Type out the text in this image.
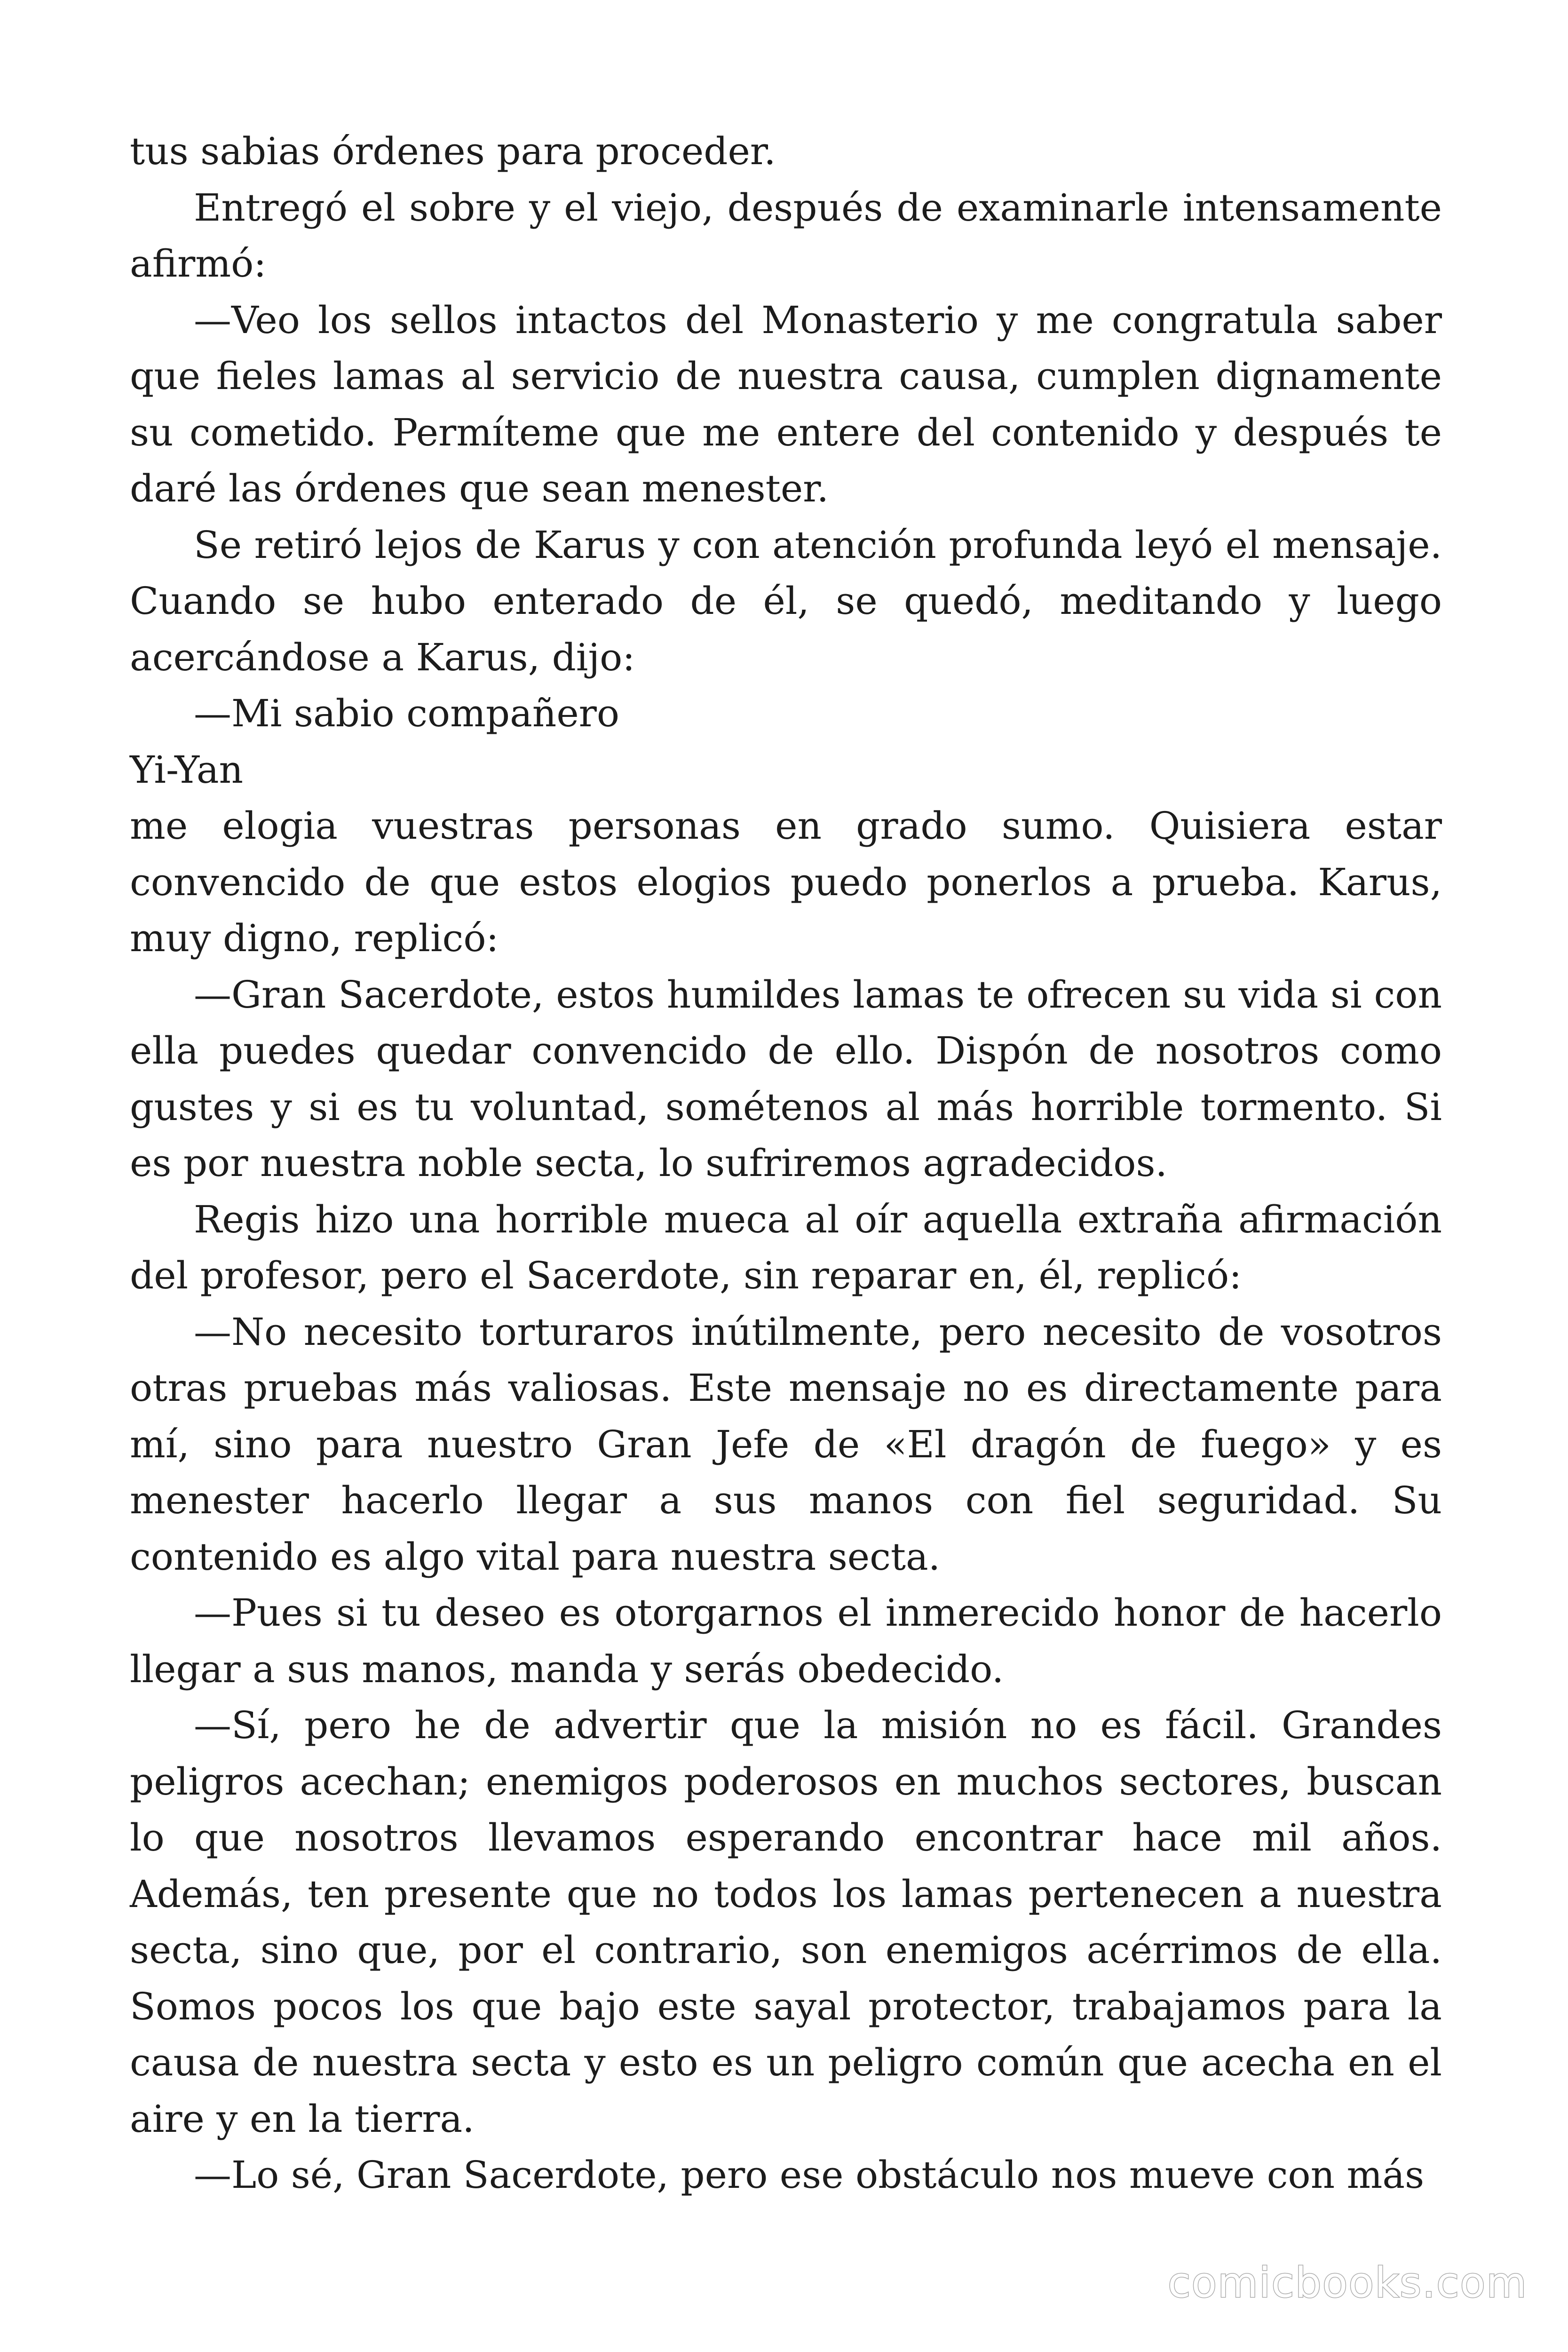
tus sabias órdenes para proceder.

Entregó el sobre y el viejo, después de examinarle intensamente afirmó:

—Veo los sellos intactos del Monasterio y me congratula saber que fieles lamas al servicio de nuestra causa, cumplen dignamente su cometido. Permíteme que me entere del contenido y después te daré las órdenes que sean menester.

Se retiró lejos de Karus y con atención profunda leyó el mensaje. Cuando se hubo enterado de él, se quedó, meditando y luego acercándose a Karus, dijo:

—Mi sabio compañero

Yi-Yan

me elogia vuestras personas en grado sumo. Quisiera estar convencido de que estos elogios puedo ponerlos a prueba. Karus, muy digno, replicó:

—Gran Sacerdote, estos humildes lamas te ofrecen su vida si con ella puedes quedar convencido de ello. Dispón de nosotros como gustes y si es tu voluntad, sométenos al más horrible tormento. Si es por nuestra noble secta, lo sufriremos agradecidos.

Regis hizo una horrible mueca al oír aquella extraña afirmación del profesor, pero el Sacerdote, sin reparar en, él, replicó:

—No necesito torturaros inútilmente, pero necesito de vosotros otras pruebas más valiosas. Este mensaje no es directamente para mí, sino para nuestro Gran Jefe de «El dragón de fuego» y es menester hacerlo llegar a sus manos con fiel seguridad. Su contenido es algo vital para nuestra secta.

—Pues si tu deseo es otorgarnos el inmerecido honor de hacerlo llegar a sus manos, manda y serás obedecido.

—Sí, pero he de advertir que la misión no es fácil. Grandes peligros acechan; enemigos poderosos en muchos sectores, buscan lo que nosotros llevamos esperando encontrar hace mil años. Además, ten presente que no todos los lamas pertenecen a nuestra secta, sino que, por el contrario, son enemigos acérrimos de ella. Somos pocos los que bajo este sayal protector, trabajamos para la causa de nuestra secta y esto es un peligro común que acecha en el aire y en la tierra.

—Lo sé, Gran Sacerdote, pero ese obstáculo nos mueve con más

comicbooks.com
